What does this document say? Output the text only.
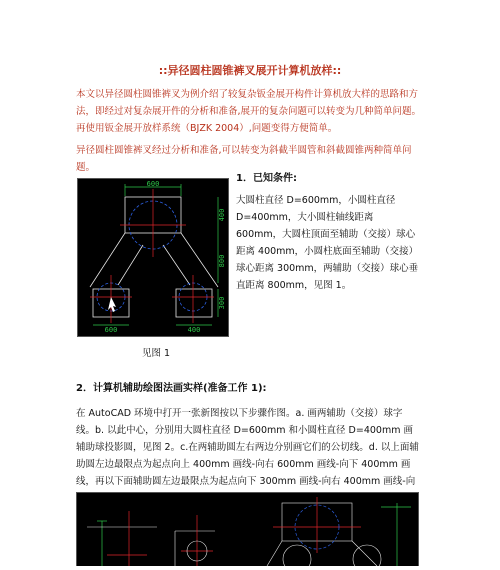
::异径圆柱圆锥裤叉展开计算机放样::
本文以异径圆柱圆锥裤叉为例介绍了较复杂钣金展开构件计算机放大样的思路和方法，即经过对复杂展开件的分析和准备,展开的复杂问题可以转变为几种简单问题。再使用钣金展开放样系统（BJZK 2004）,问题变得方便简单。
异径圆柱圆锥裤叉经过分析和准备,可以转变为斜截半圆管和斜截圆锥两种简单问题。
600
400
800
300
600	400
1．已知条件:
大圆柱直径 D=600mm，小圆柱直径D=400mm，大小圆柱轴线距离 600mm，大圆柱顶面至辅助（交接）球心距离 400mm，小圆柱底面至辅助（交接）球心距离 300mm，两辅助（交接）球心垂直距离 800mm，见图 1。
见图 1
2．计算机辅助绘图法画实样(准备工作 1):
在 AutoCAD 环境中打开一张新图按以下步骤作图。a. 画两辅助（交接）球字线。b. 以此中心，分别用大圆柱直径 D=600mm 和小圆柱直径 D=400mm 画辅助球投影圆，见图 2。c.在两辅助圆左右两边分别画它们的公切线。d. 以上面辅助圆左边最限点为起点向上 400mm 画线-向右 600mm 画线-向下 400mm 画线，再以下面辅助圆左边最限点为起点向下 300mm 画线-向右 400mm 画线-向
